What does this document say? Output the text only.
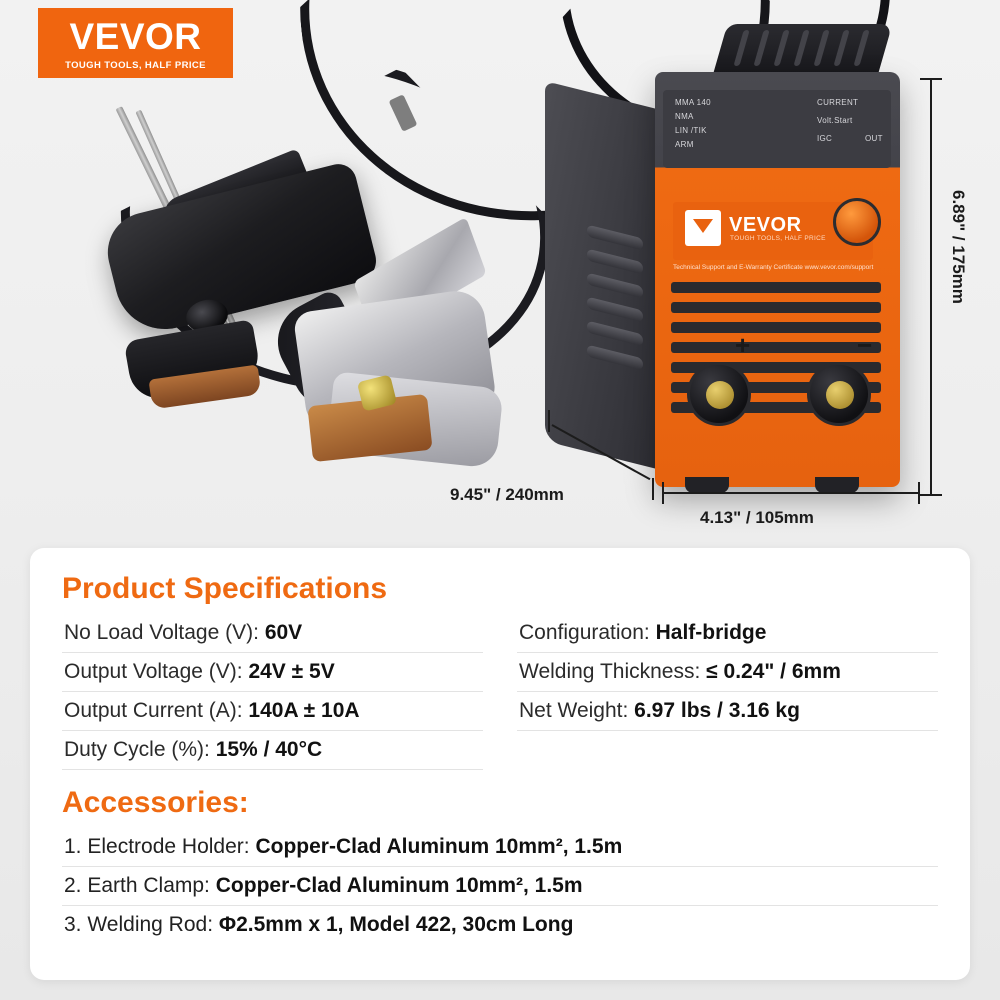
MMA 140
NMA
LIN /TIK
ARM
CURRENT
Volt.Start
IGC	OUT
VEVOR
TOUGH TOOLS, HALF PRICE
Technical Support and E-Warranty Certificate www.vevor.com/support
+	−
6.89" / 175mm
9.45" / 240mm
4.13" / 105mm
VEVOR
TOUGH TOOLS, HALF PRICE
Product Specifications
No Load Voltage (V): 60V	Configuration: Half-bridge
Output Voltage (V): 24V ± 5V	Welding Thickness: ≤ 0.24" / 6mm
Output Current (A): 140A ± 10A	Net Weight: 6.97 lbs / 3.16 kg
Duty Cycle (%): 15% / 40°C
Accessories:
1. Electrode Holder: Copper-Clad Aluminum 10mm², 1.5m
2. Earth Clamp: Copper-Clad Aluminum 10mm², 1.5m
3. Welding Rod: Φ2.5mm x 1, Model 422, 30cm Long
